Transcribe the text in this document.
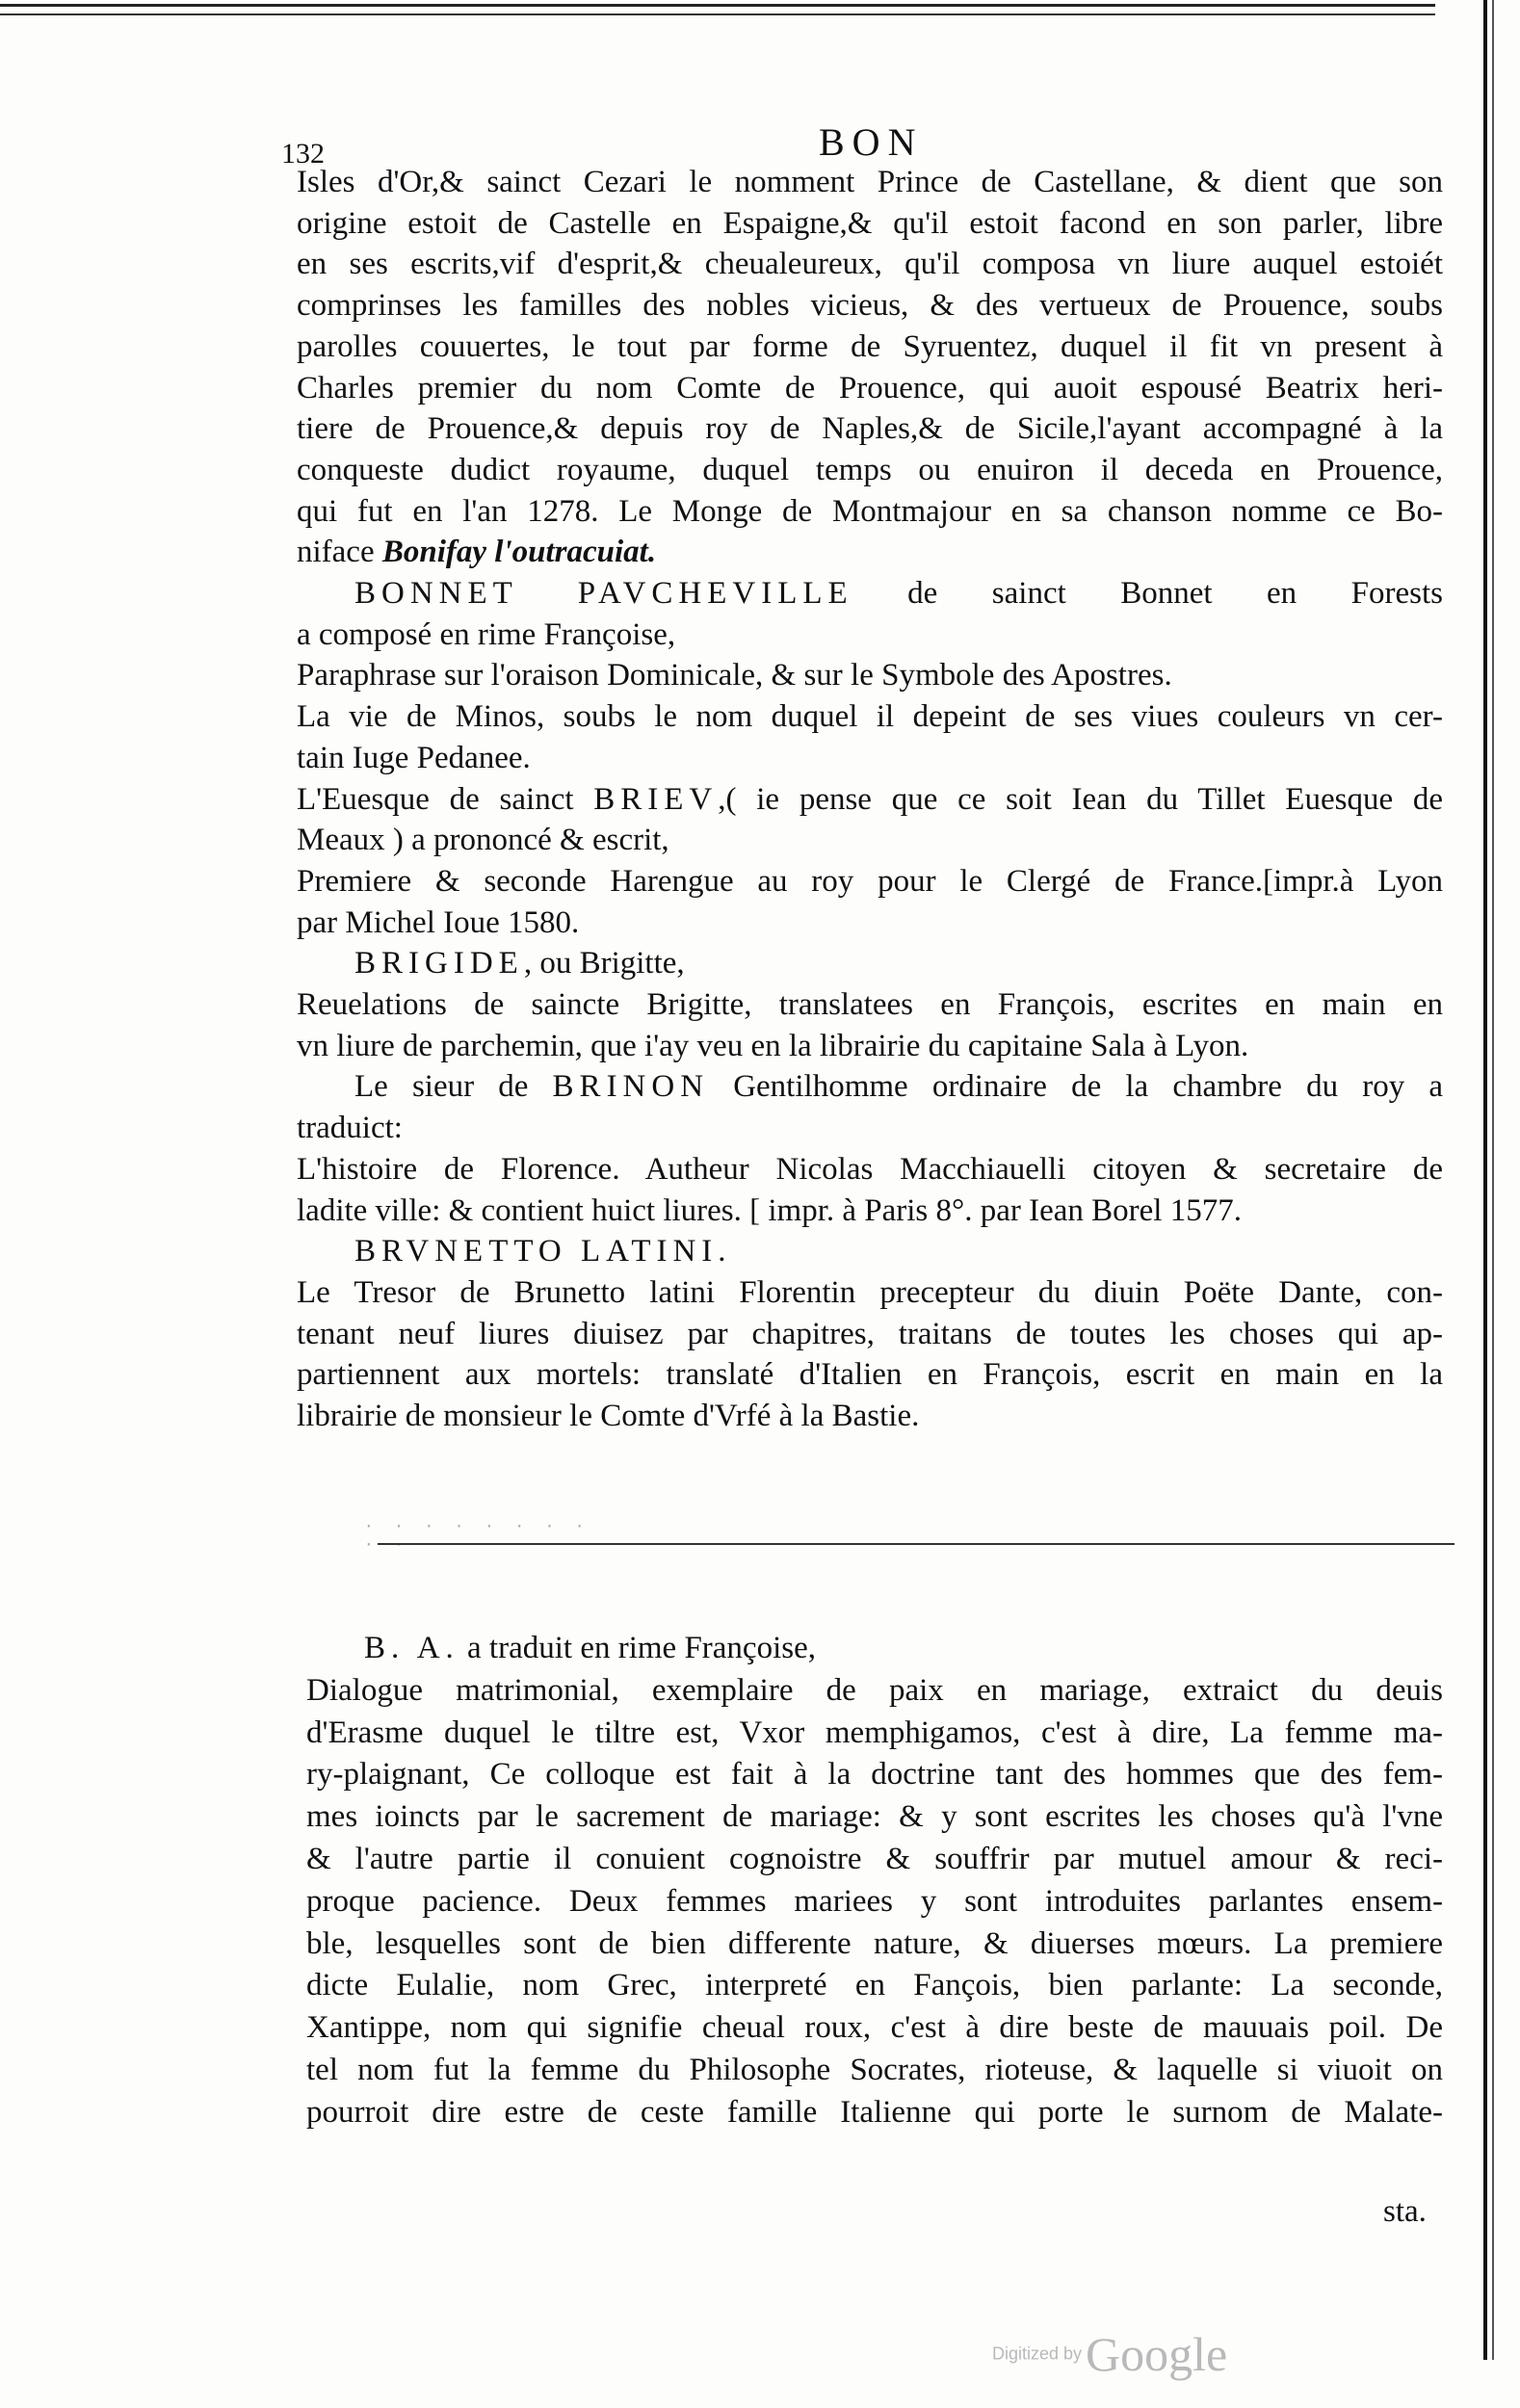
132	BON
Isles d'Or,& sainct Cezari le nomment Prince de Castellane, & dient que son
origine estoit de Castelle en Espaigne,& qu'il estoit facond en son parler, libre
en ses escrits,vif d'esprit,& cheualeureux, qu'il composa vn liure auquel estoiét
comprinses les familles des nobles vicieus, & des vertueux de Prouence, soubs
parolles couuertes, le tout par forme de Syruentez, duquel il fit vn present à
Charles premier du nom Comte de Prouence, qui auoit espousé Beatrix heri-
tiere de Prouence,& depuis roy de Naples,& de Sicile,l'ayant accompagné à la
conqueste dudict royaume, duquel temps ou enuiron il deceda en Prouence,
qui fut en l'an 1278. Le Monge de Montmajour en sa chanson nomme ce Bo-
niface Bonifay l'outracuiat.
BONNET PAVCHEVILLE de sainct Bonnet en Forests
a composé en rime Françoise,
Paraphrase sur l'oraison Dominicale, & sur le Symbole des Apostres.
La vie de Minos, soubs le nom duquel il depeint de ses viues couleurs vn cer-
tain Iuge Pedanee.
L'Euesque de sainct BRIEV,( ie pense que ce soit Iean du Tillet Euesque de
Meaux ) a prononcé & escrit,
Premiere & seconde Harengue au roy pour le Clergé de France.[impr.à Lyon
par Michel Ioue 1580.
BRIGIDE, ou Brigitte,
Reuelations de saincte Brigitte, translatees en François, escrites en main en
vn liure de parchemin, que i'ay veu en la librairie du capitaine Sala à Lyon.
Le sieur de BRINON Gentilhomme ordinaire de la chambre du roy a
traduict:
L'histoire de Florence. Autheur Nicolas Macchiauelli citoyen & secretaire de
ladite ville: & contient huict liures. [ impr. à Paris 8°. par Iean Borel 1577.
BRVNETTO LATINI.
Le Tresor de Brunetto latini Florentin precepteur du diuin Poëte Dante, con-
tenant neuf liures diuisez par chapitres, traitans de toutes les choses qui ap-
partiennent aux mortels: translaté d'Italien en François, escrit en main en la
librairie de monsieur le Comte d'Vrfé à la Bastie.
· · · · · · · · · ·
B. A. a traduit en rime Françoise,
Dialogue matrimonial, exemplaire de paix en mariage, extraict du deuis
d'Erasme duquel le tiltre est, Vxor memphigamos, c'est à dire, La femme ma-
ry-plaignant, Ce colloque est fait à la doctrine tant des hommes que des fem-
mes ioincts par le sacrement de mariage: & y sont escrites les choses qu'à l'vne
& l'autre partie il conuient cognoistre & souffrir par mutuel amour & reci-
proque pacience. Deux femmes mariees y sont introduites parlantes ensem-
ble, lesquelles sont de bien differente nature, & diuerses mœurs. La premiere
dicte Eulalie, nom Grec, interpreté en Fançois, bien parlante: La seconde,
Xantippe, nom qui signifie cheual roux, c'est à dire beste de mauuais poil. De
tel nom fut la femme du Philosophe Socrates, rioteuse, & laquelle si viuoit on
pourroit dire estre de ceste famille Italienne qui porte le surnom de Malate-
sta.
Digitized byGoogle
